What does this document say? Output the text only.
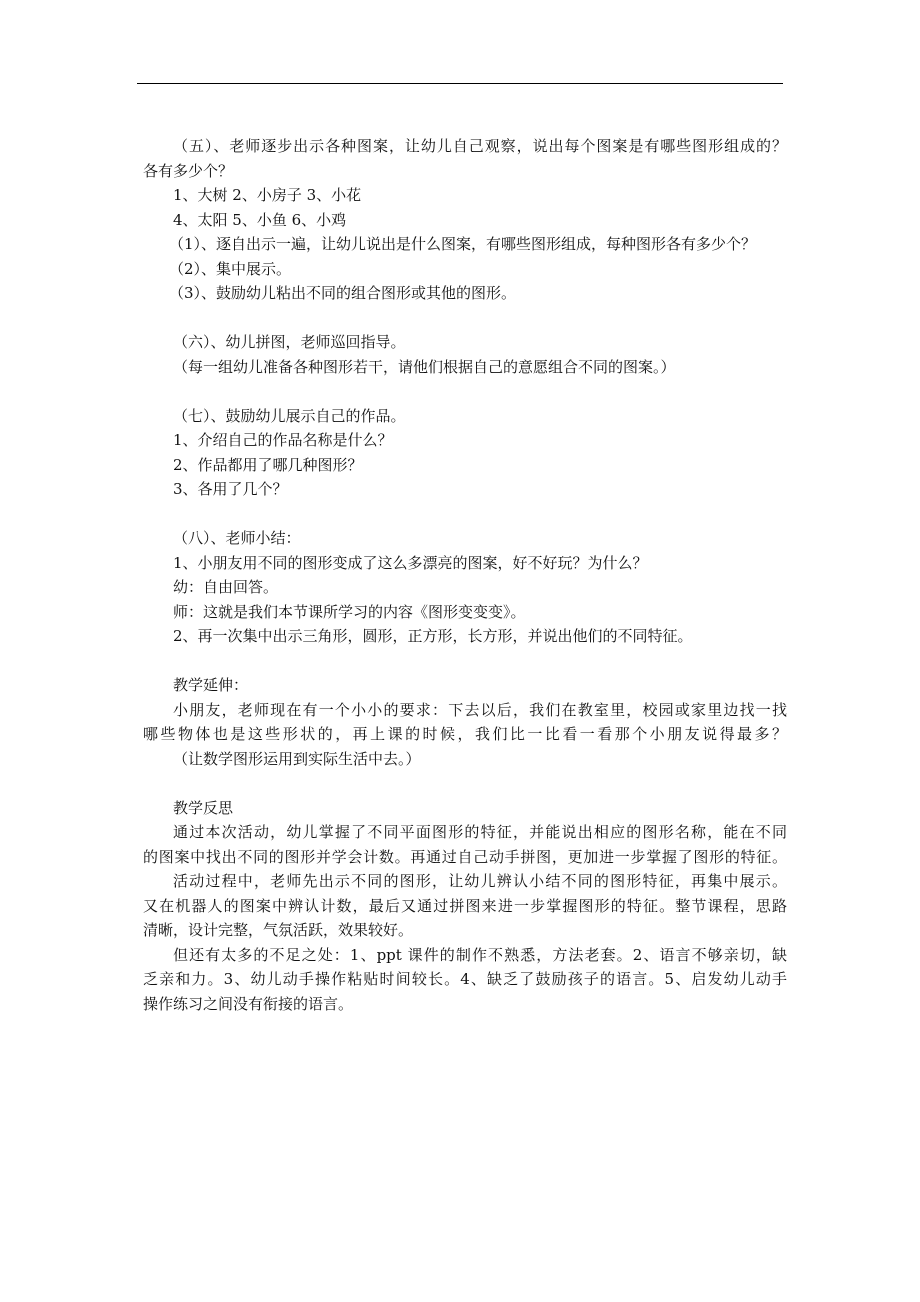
（五）、老师逐步出示各种图案，让幼儿自己观察，说出每个图案是有哪些图形组成的？
各有多少个？
1、大树 2、小房子 3、小花
4、太阳 5、小鱼 6、小鸡
（1）、逐自出示一遍，让幼儿说出是什么图案，有哪些图形组成，每种图形各有多少个？
（2）、集中展示。
（3）、鼓励幼儿粘出不同的组合图形或其他的图形。
（六）、幼儿拼图，老师巡回指导。
（每一组幼儿准备各种图形若干，请他们根据自己的意愿组合不同的图案。）
（七）、鼓励幼儿展示自己的作品。
1、介绍自己的作品名称是什么？
2、作品都用了哪几种图形？
3、各用了几个？
（八）、老师小结：
1、小朋友用不同的图形变成了这么多漂亮的图案，好不好玩？为什么？
幼：自由回答。
师：这就是我们本节课所学习的内容《图形变变变》。
2、再一次集中出示三角形，圆形，正方形，长方形，并说出他们的不同特征。
教学延伸：
小朋友，老师现在有一个小小的要求：下去以后，我们在教室里，校园或家里边找一找
哪些物体也是这些形状的，再上课的时候，我们比一比看一看那个小朋友说得最多？
（让数学图形运用到实际生活中去。）
教学反思
通过本次活动，幼儿掌握了不同平面图形的特征，并能说出相应的图形名称，能在不同
的图案中找出不同的图形并学会计数。再通过自己动手拼图，更加进一步掌握了图形的特征。
活动过程中，老师先出示不同的图形，让幼儿辨认小结不同的图形特征，再集中展示。
又在机器人的图案中辨认计数，最后又通过拼图来进一步掌握图形的特征。整节课程，思路
清晰，设计完整，气氛活跃，效果较好。
但还有太多的不足之处：1、ppt 课件的制作不熟悉，方法老套。2、语言不够亲切，缺
乏亲和力。3、幼儿动手操作粘贴时间较长。4、缺乏了鼓励孩子的语言。5、启发幼儿动手
操作练习之间没有衔接的语言。
